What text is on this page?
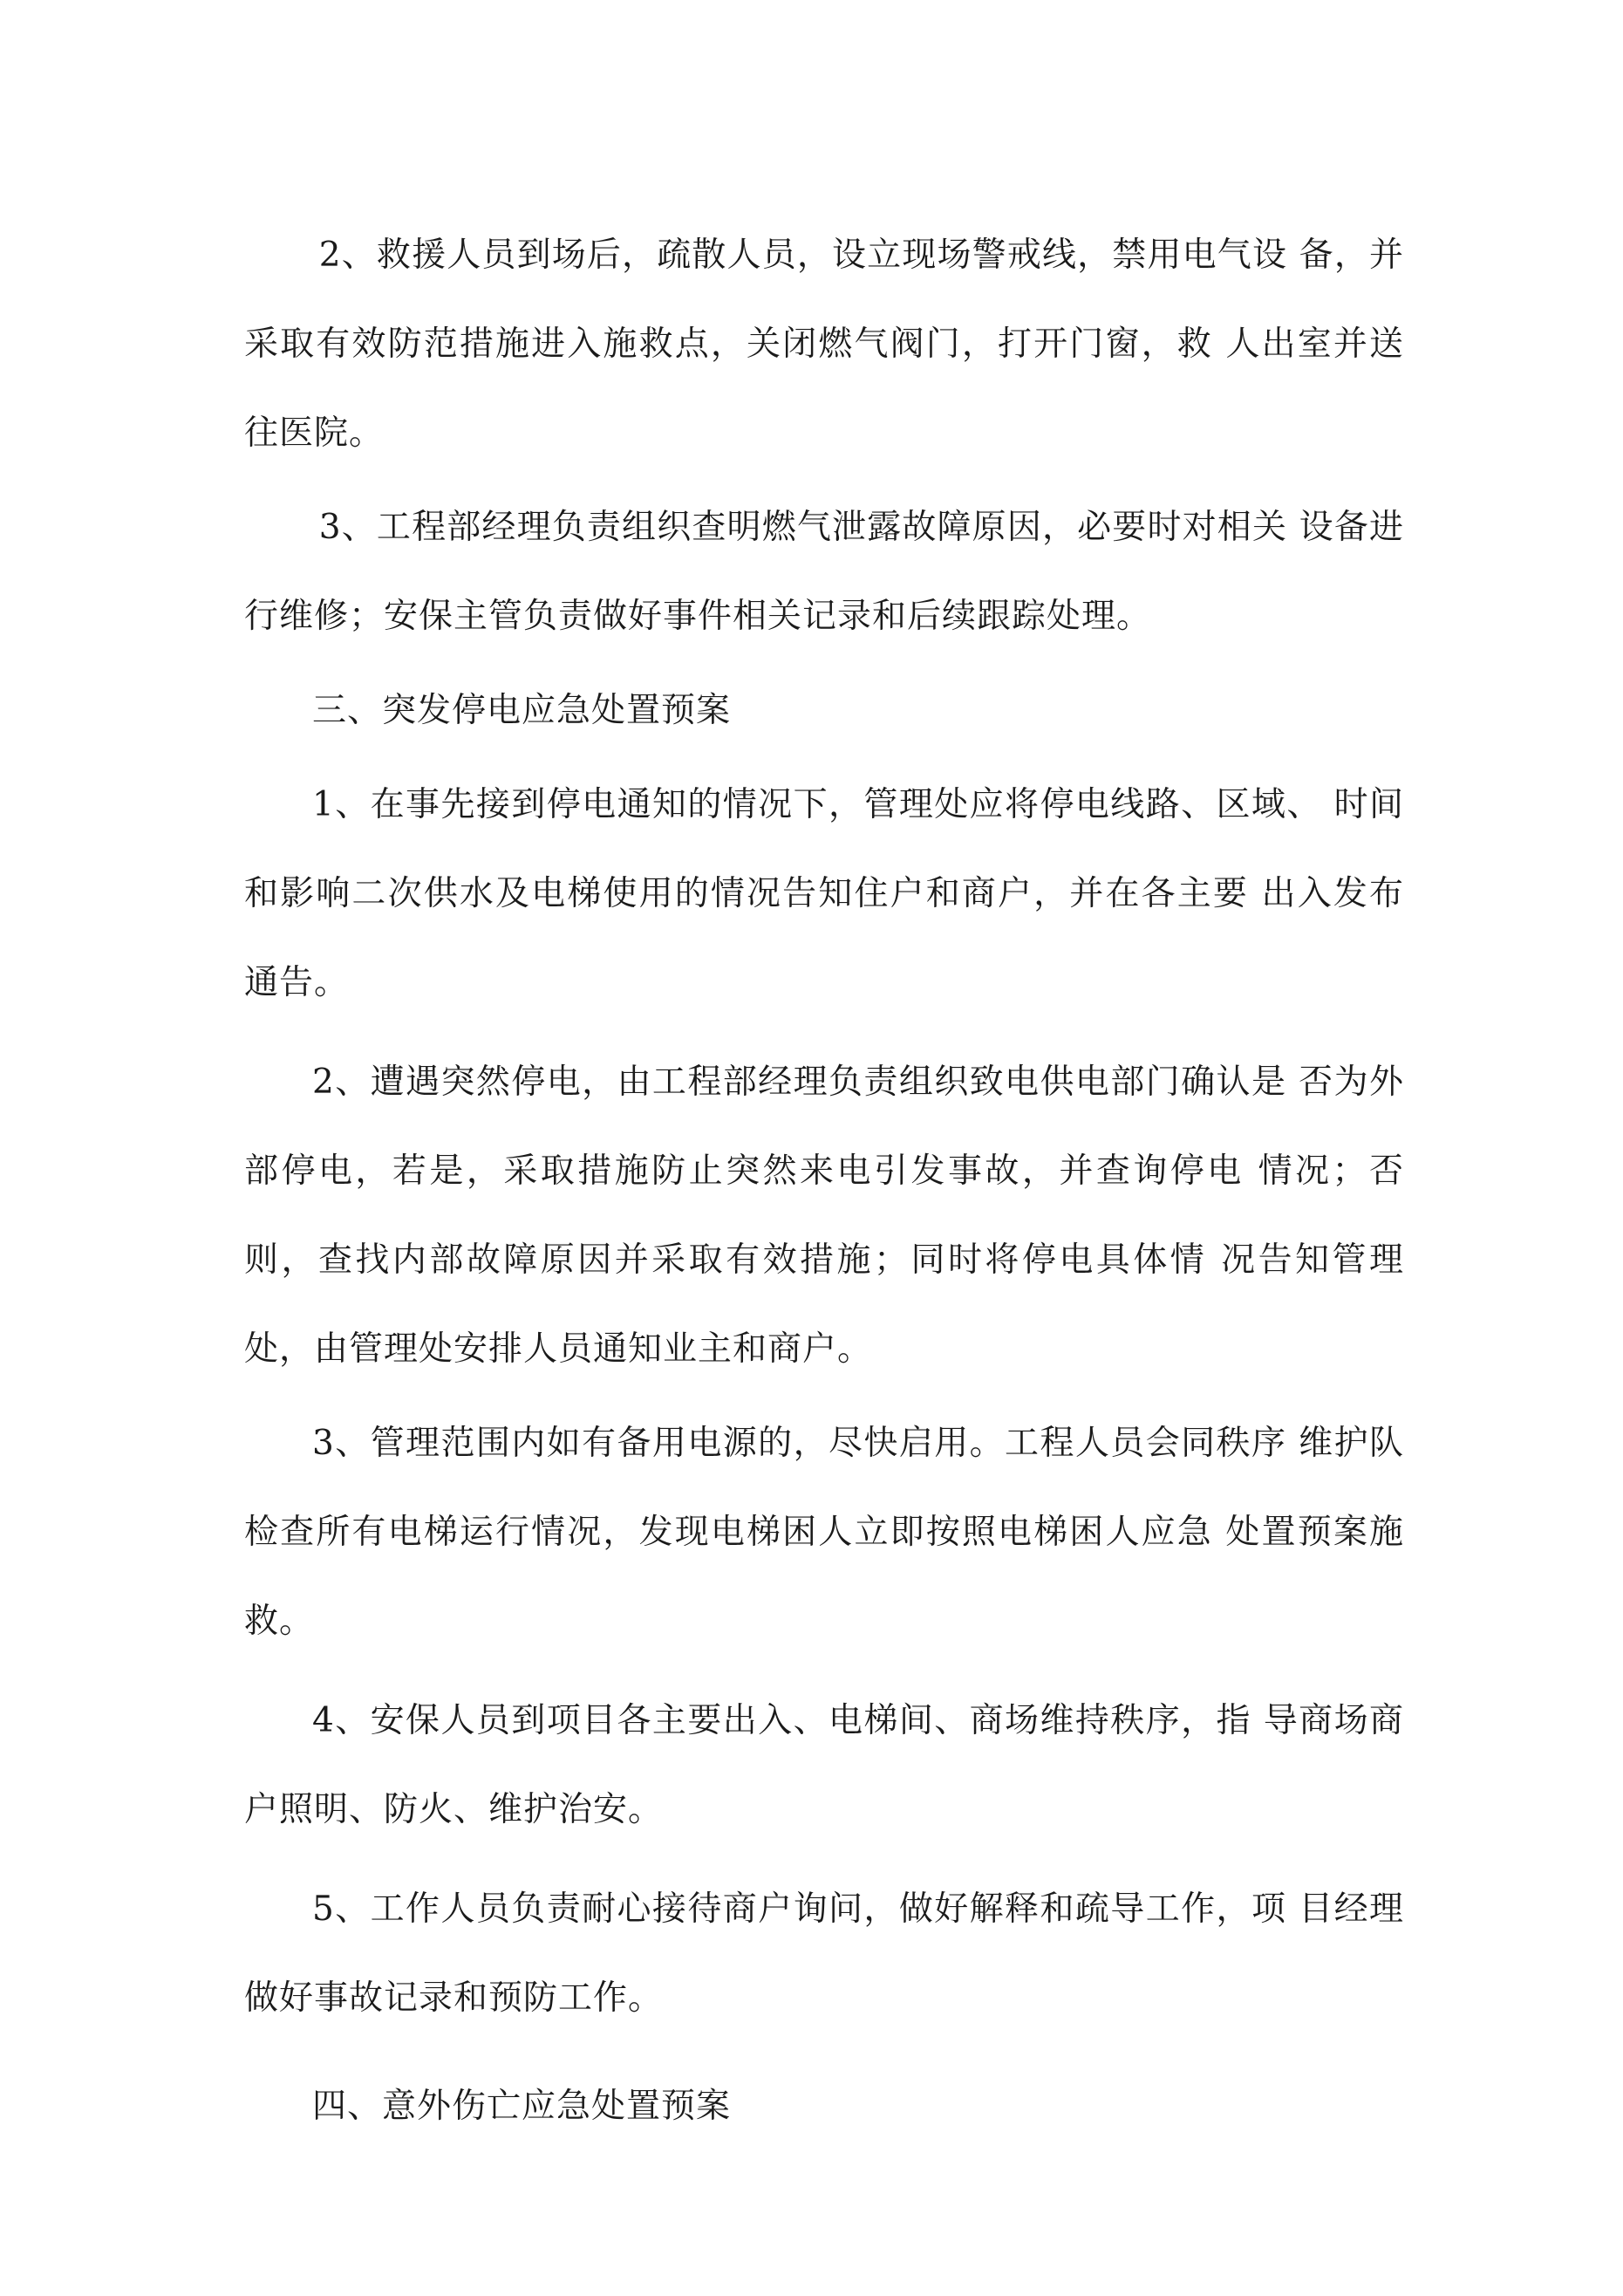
2、救援人员到场后，疏散人员，设立现场警戒线，禁用电气设 备，并采取有效防范措施进入施救点，关闭燃气阀门，打开门窗，救 人出室并送往医院。

3、工程部经理负责组织查明燃气泄露故障原因，必要时对相关 设备进行维修；安保主管负责做好事件相关记录和后续跟踪处理。

三、突发停电应急处置预案

1、在事先接到停电通知的情况下，管理处应将停电线路、区域、 时间和影响二次供水及电梯使用的情况告知住户和商户，并在各主要 出入发布通告。

2、遭遇突然停电，由工程部经理负责组织致电供电部门确认是 否为外部停电，若是，采取措施防止突然来电引发事故，并查询停电 情况；否则，查找内部故障原因并采取有效措施；同时将停电具体情 况告知管理处，由管理处安排人员通知业主和商户。

3、管理范围内如有备用电源的，尽快启用。工程人员会同秩序 维护队检查所有电梯运行情况，发现电梯困人立即按照电梯困人应急 处置预案施救。

4、安保人员到项目各主要出入、电梯间、商场维持秩序，指 导商场商户照明、防火、维护治安。

5、工作人员负责耐心接待商户询问，做好解释和疏导工作，项 目经理做好事故记录和预防工作。

四、意外伤亡应急处置预案
